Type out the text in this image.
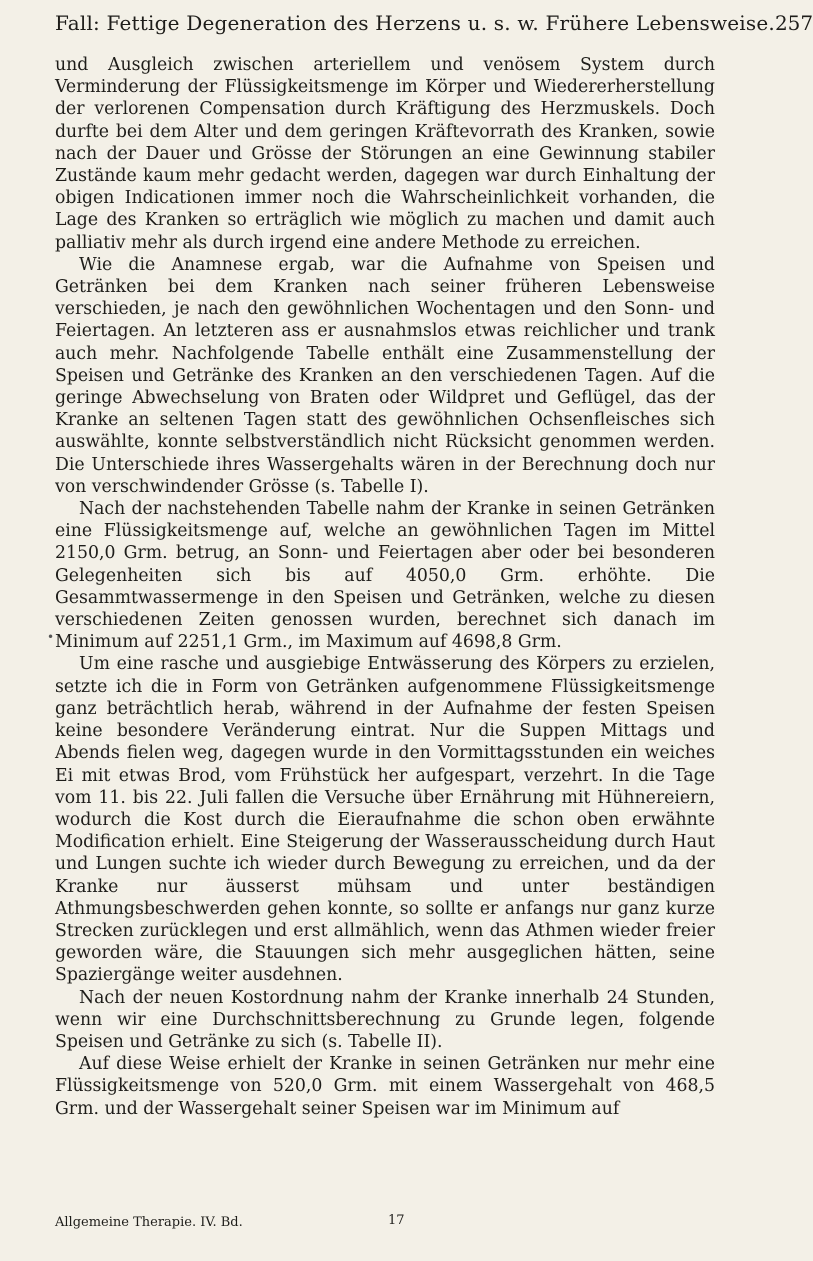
Fall: Fettige Degeneration des Herzens u. s. w. Frühere Lebensweise. 257

und Ausgleich zwischen arteriellem und venösem System durch Verminderung der Flüssigkeitsmenge im Körper und Wiedererherstellung der verlorenen Compensation durch Kräftigung des Herzmuskels. Doch durfte bei dem Alter und dem geringen Kräftevorrath des Kranken, sowie nach der Dauer und Grösse der Störungen an eine Gewinnung stabiler Zustände kaum mehr gedacht werden, dagegen war durch Einhaltung der obigen Indicationen immer noch die Wahrscheinlichkeit vorhanden, die Lage des Kranken so erträglich wie möglich zu machen und damit auch palliativ mehr als durch irgend eine andere Methode zu erreichen.

Wie die Anamnese ergab, war die Aufnahme von Speisen und Getränken bei dem Kranken nach seiner früheren Lebensweise verschieden, je nach den gewöhnlichen Wochentagen und den Sonn- und Feiertagen. An letzteren ass er ausnahmslos etwas reichlicher und trank auch mehr. Nachfolgende Tabelle enthält eine Zusammenstellung der Speisen und Getränke des Kranken an den verschiedenen Tagen. Auf die geringe Abwechselung von Braten oder Wildpret und Geflügel, das der Kranke an seltenen Tagen statt des gewöhnlichen Ochsenfleisches sich auswählte, konnte selbstverständlich nicht Rücksicht genommen werden. Die Unterschiede ihres Wassergehalts wären in der Berechnung doch nur von verschwindender Grösse (s. Tabelle I).

Nach der nachstehenden Tabelle nahm der Kranke in seinen Getränken eine Flüssigkeitsmenge auf, welche an gewöhnlichen Tagen im Mittel 2150,0 Grm. betrug, an Sonn- und Feiertagen aber oder bei besonderen Gelegenheiten sich bis auf 4050,0 Grm. erhöhte. Die Gesammtwassermenge in den Speisen und Getränken, welche zu diesen verschiedenen Zeiten genossen wurden, berechnet sich danach im Minimum auf 2251,1 Grm., im Maximum auf 4698,8 Grm.

Um eine rasche und ausgiebige Entwässerung des Körpers zu erzielen, setzte ich die in Form von Getränken aufgenommene Flüssigkeitsmenge ganz beträchtlich herab, während in der Aufnahme der festen Speisen keine besondere Veränderung eintrat. Nur die Suppen Mittags und Abends fielen weg, dagegen wurde in den Vormittagsstunden ein weiches Ei mit etwas Brod, vom Frühstück her aufgespart, verzehrt. In die Tage vom 11. bis 22. Juli fallen die Versuche über Ernährung mit Hühnereiern, wodurch die Kost durch die Eieraufnahme die schon oben erwähnte Modification erhielt. Eine Steigerung der Wasserausscheidung durch Haut und Lungen suchte ich wieder durch Bewegung zu erreichen, und da der Kranke nur äusserst mühsam und unter beständigen Athmungsbeschwerden gehen konnte, so sollte er anfangs nur ganz kurze Strecken zurücklegen und erst allmählich, wenn das Athmen wieder freier geworden wäre, die Stauungen sich mehr ausgeglichen hätten, seine Spaziergänge weiter ausdehnen.

Nach der neuen Kostordnung nahm der Kranke innerhalb 24 Stunden, wenn wir eine Durchschnittsberechnung zu Grunde legen, folgende Speisen und Getränke zu sich (s. Tabelle II).

Auf diese Weise erhielt der Kranke in seinen Getränken nur mehr eine Flüssigkeitsmenge von 520,0 Grm. mit einem Wassergehalt von 468,5 Grm. und der Wassergehalt seiner Speisen war im Minimum auf

•
Allgemeine Therapie. IV. Bd.	17
